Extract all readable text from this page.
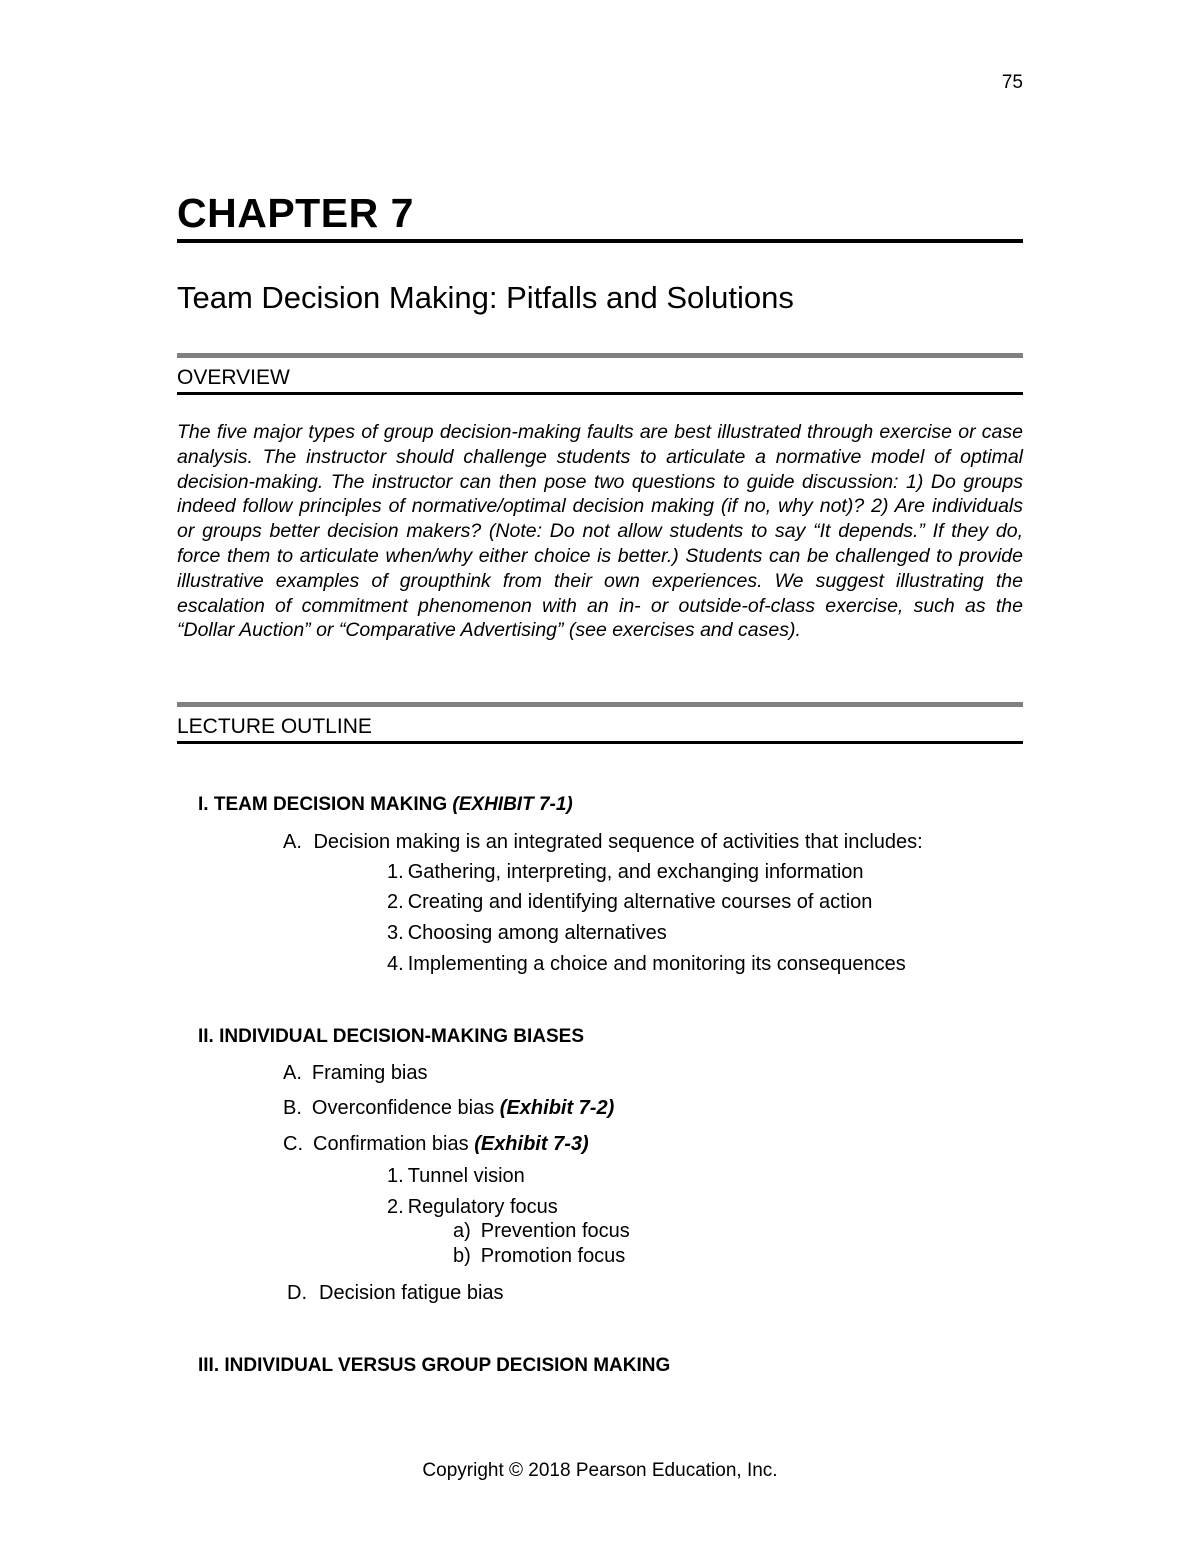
75
CHAPTER 7
Team Decision Making: Pitfalls and Solutions
OVERVIEW

The five major types of group decision-making faults are best illustrated through exercise or case analysis. The instructor should challenge students to articulate a normative model of optimal decision-making. The instructor can then pose two questions to guide discussion: 1) Do groups indeed follow principles of normative/optimal decision making (if no, why not)? 2) Are individuals or groups better decision makers? (Note: Do not allow students to say “It depends.” If they do, force them to articulate when/why either choice is better.) Students can be challenged to provide illustrative examples of groupthink from their own experiences. We suggest illustrating the escalation of commitment phenomenon with an in- or outside-of-class exercise, such as the “Dollar Auction” or “Comparative Advertising” (see exercises and cases).

LECTURE OUTLINE
I. TEAM DECISION MAKING (EXHIBIT 7-1)
A. Decision making is an integrated sequence of activities that includes:
1. Gathering, interpreting, and exchanging information
2. Creating and identifying alternative courses of action
3. Choosing among alternatives
4. Implementing a choice and monitoring its consequences
II. INDIVIDUAL DECISION-MAKING BIASES
A. Framing bias
B. Overconfidence bias (Exhibit 7-2)
C. Confirmation bias (Exhibit 7-3)
1. Tunnel vision
2. Regulatory focus
a) Prevention focus
b) Promotion focus
D. Decision fatigue bias
III. INDIVIDUAL VERSUS GROUP DECISION MAKING
Copyright © 2018 Pearson Education, Inc.
